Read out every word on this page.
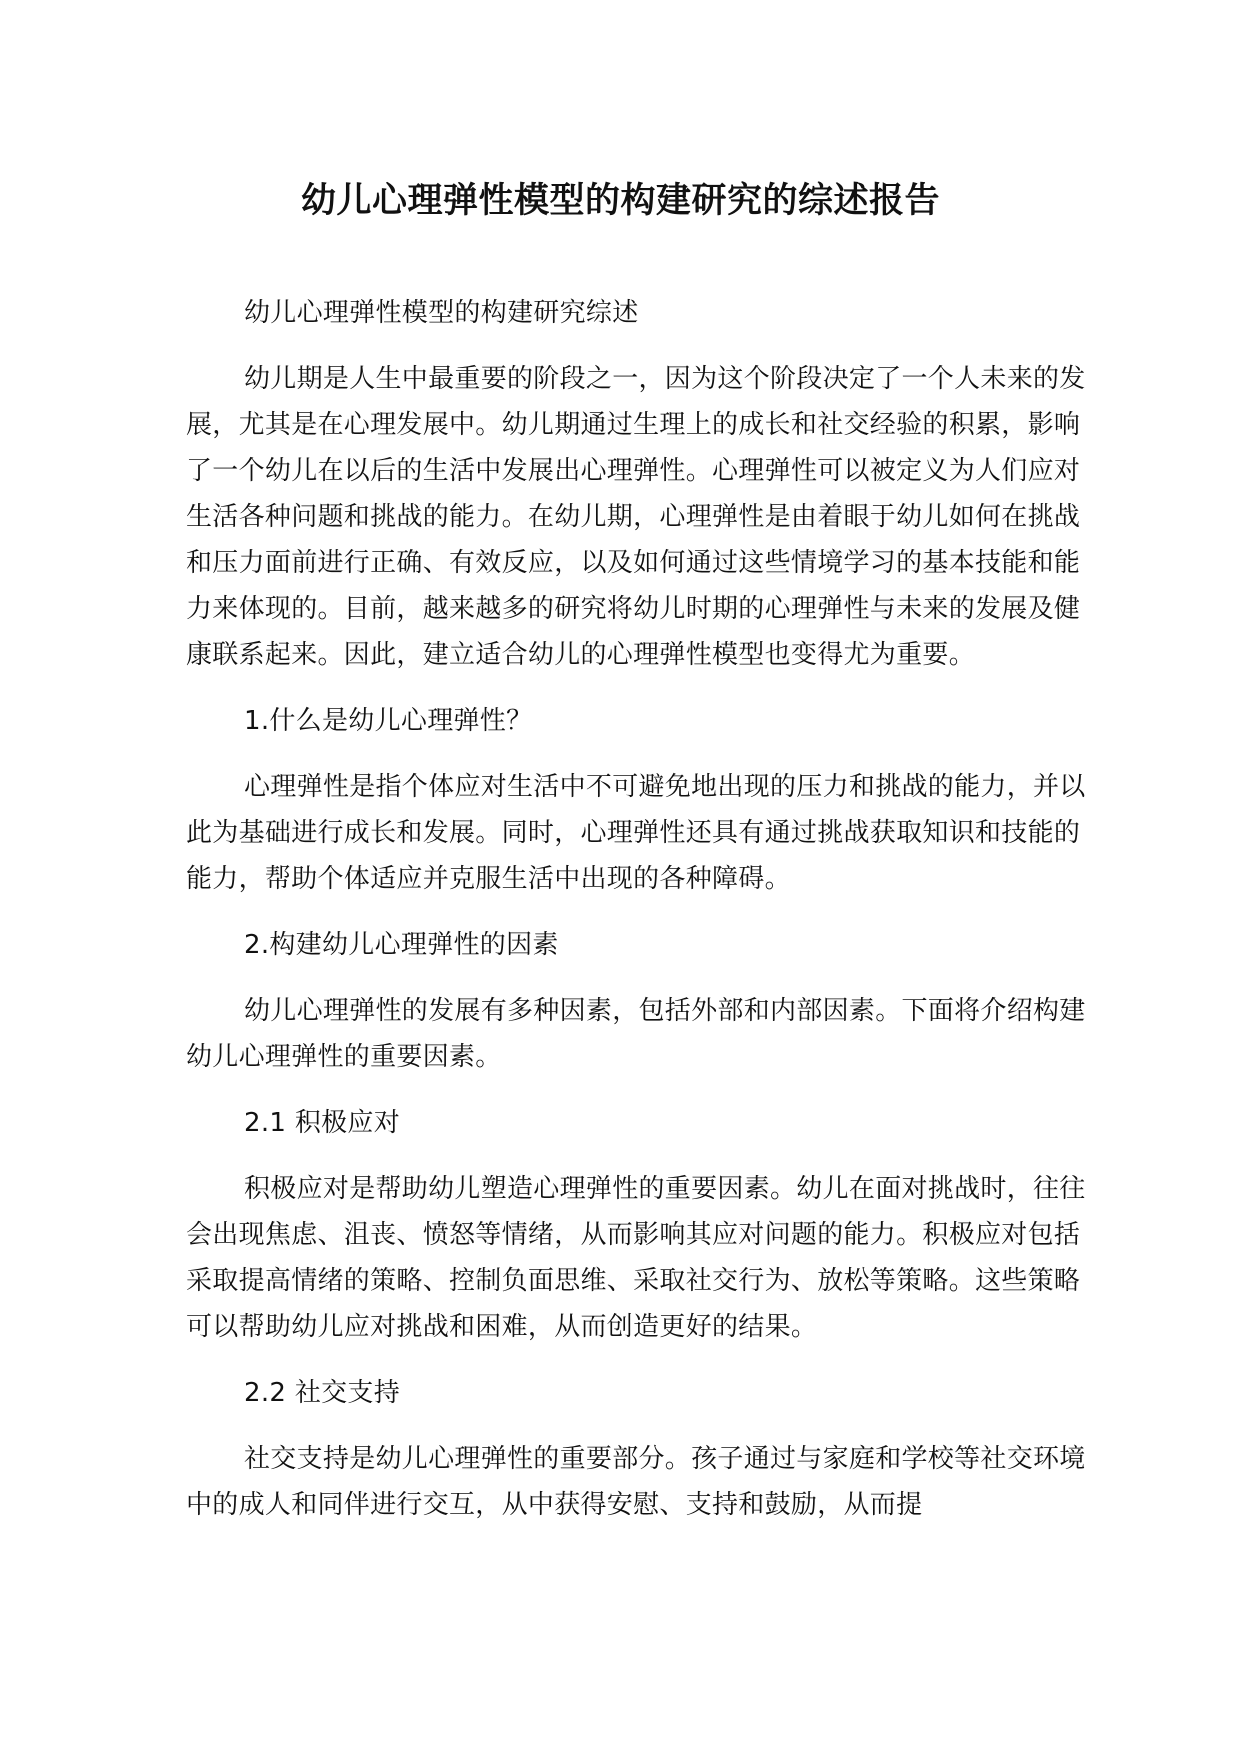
幼儿心理弹性模型的构建研究的综述报告

幼儿心理弹性模型的构建研究综述

幼儿期是人生中最重要的阶段之一，因为这个阶段决定了一个人未来的发展，尤其是在心理发展中。幼儿期通过生理上的成长和社交经验的积累，影响了一个幼儿在以后的生活中发展出心理弹性。心理弹性可以被定义为人们应对生活各种问题和挑战的能力。在幼儿期，心理弹性是由着眼于幼儿如何在挑战和压力面前进行正确、有效反应，以及如何通过这些情境学习的基本技能和能力来体现的。目前，越来越多的研究将幼儿时期的心理弹性与未来的发展及健康联系起来。因此，建立适合幼儿的心理弹性模型也变得尤为重要。

1.什么是幼儿心理弹性？

心理弹性是指个体应对生活中不可避免地出现的压力和挑战的能力，并以此为基础进行成长和发展。同时，心理弹性还具有通过挑战获取知识和技能的能力，帮助个体适应并克服生活中出现的各种障碍。

2.构建幼儿心理弹性的因素

幼儿心理弹性的发展有多种因素，包括外部和内部因素。下面将介绍构建幼儿心理弹性的重要因素。

2.1 积极应对

积极应对是帮助幼儿塑造心理弹性的重要因素。幼儿在面对挑战时，往往会出现焦虑、沮丧、愤怒等情绪，从而影响其应对问题的能力。积极应对包括采取提高情绪的策略、控制负面思维、采取社交行为、放松等策略。这些策略可以帮助幼儿应对挑战和困难，从而创造更好的结果。

2.2 社交支持

社交支持是幼儿心理弹性的重要部分。孩子通过与家庭和学校等社交环境中的成人和同伴进行交互，从中获得安慰、支持和鼓励，从而提
